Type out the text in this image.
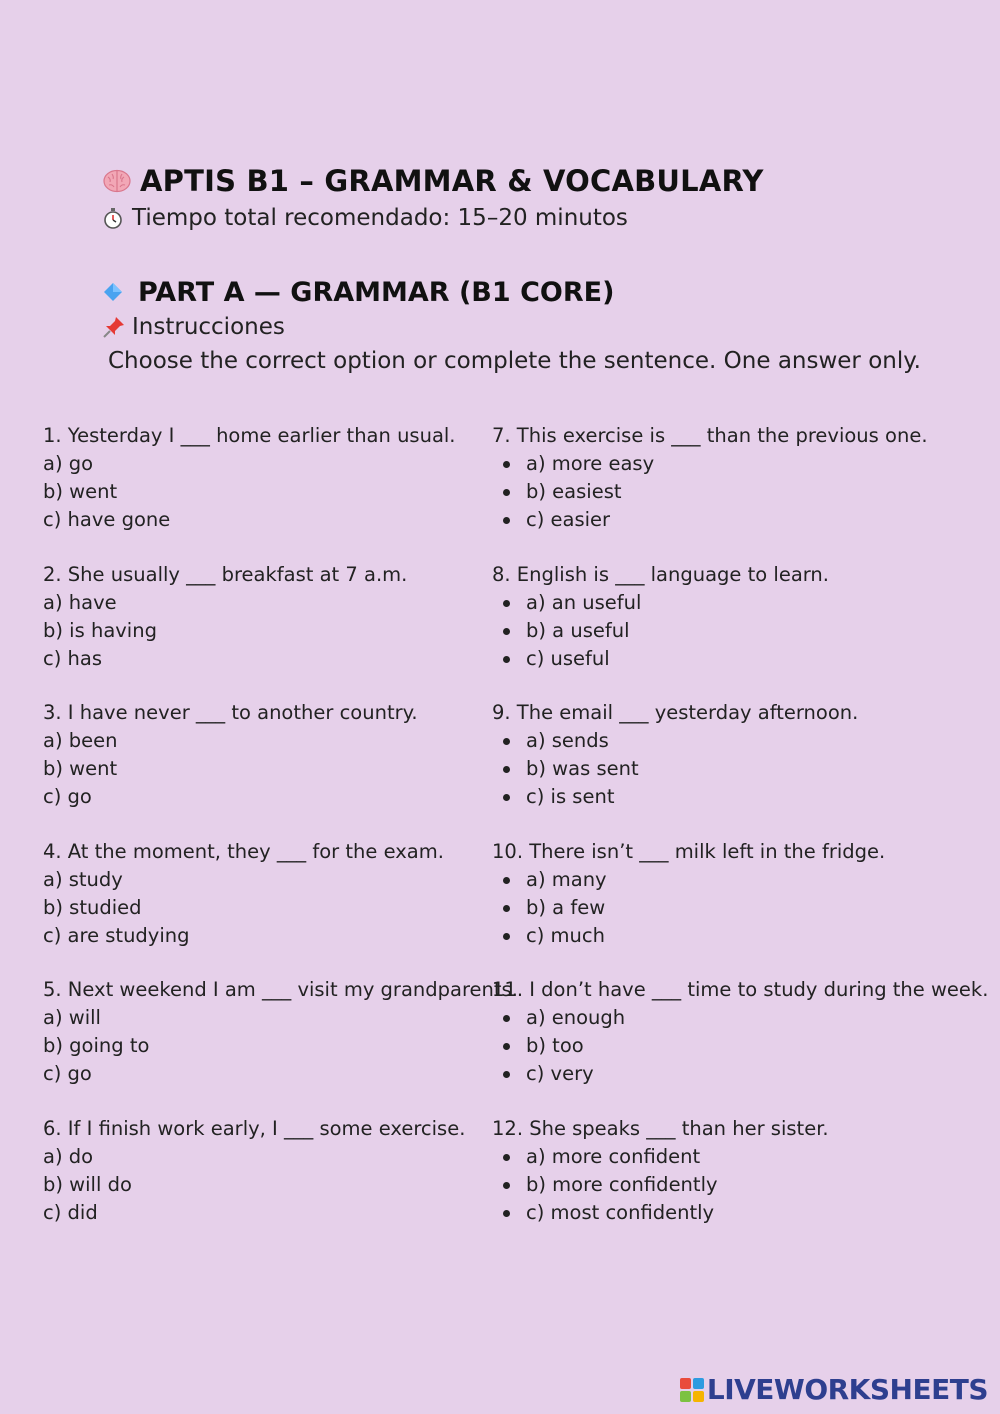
APTIS B1 – GRAMMAR & VOCABULARY
Tiempo total recomendado: 15–20 minutos
PART A — GRAMMAR (B1 CORE)
Instrucciones
Choose the correct option or complete the sentence. One answer only.
1. Yesterday I ___ home earlier than usual.
a) go
b) went
c) have gone
2. She usually ___ breakfast at 7 a.m.
a) have
b) is having
c) has
3. I have never ___ to another country.
a) been
b) went
c) go
4. At the moment, they ___ for the exam.
a) study
b) studied
c) are studying
5. Next weekend I am ___ visit my grandparents.
a) will
b) going to
c) go
6. If I finish work early, I ___ some exercise.
a) do
b) will do
c) did
7. This exercise is ___ than the previous one.
a) more easy
b) easiest
c) easier
8. English is ___ language to learn.
a) an useful
b) a useful
c) useful
9. The email ___ yesterday afternoon.
a) sends
b) was sent
c) is sent
10. There isn’t ___ milk left in the fridge.
a) many
b) a few
c) much
11. I don’t have ___ time to study during the week.
a) enough
b) too
c) very
12. She speaks ___ than her sister.
a) more confident
b) more confidently
c) most confidently
LIVEWORKSHEETS
